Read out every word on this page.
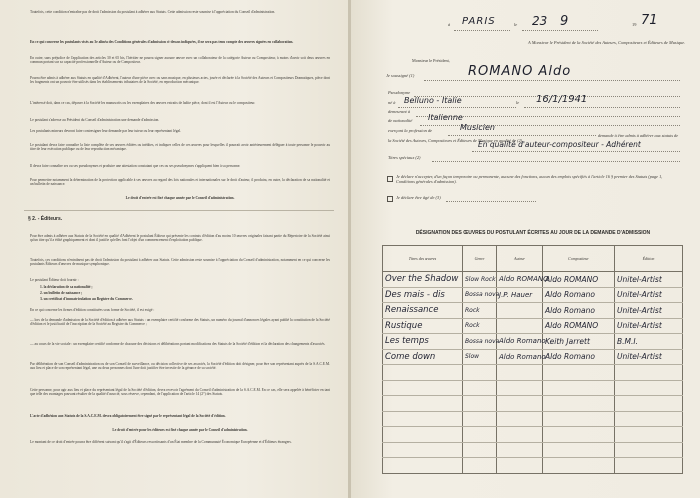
Toutefois, cette condition n'entraîne pas de droit l'admission du postulant à adhérer aux Statuts. Cette admission reste soumise à l'appréciation du Conseil d'administration.

En ce qui concerne les postulants visés au 3e alinéa des Conditions générales d'admission ci-dessus indiquées, il ne sera pas tenu compte des œuvres signées en collaboration.

En outre, sans préjudice de l'application des articles 30 et 65 bis, l'héritier ne pourra signer aucune œuvre avec un collaborateur de la catégorie Auteur ou Compositeur, à moins d'avoir soit deux œuvres en commun portant sur sa capacité professionnelle d'Auteur ou de Compositeur.

Pourra être admis à adhérer aux Statuts en qualité d'Adhérent, l'auteur d'une pièce avec ou sans musique, en plusieurs actes, jouée et déclarée à la Société des Auteurs et Compositeurs Dramatiques, pièce dont les fragments ont un pouvoir être utilisés dans les établissements tributaires de la Société, en reproduction mécanique.

L'intéressé doit, dans ce cas, déposer à la Société les manuscrits ou les exemplaires des œuvres extraits de ladite pièce, dont il est l'Auteur ou le compositeur.

Le postulant s'adresse au Président du Conseil d'administration une demande d'admission.

Les postulants mineurs devront faire contresigner leur demande par leur tuteur ou leur représentant légal.

Le postulant devra faire connaître la liste complète de ses œuvres éditées ou inédites, et indiquer celles de ces œuvres pour lesquelles il pourrait avoir antérieurement déléguer à toute personne le pouvoir au titre de leur exécution publique ou de leur reproduction mécanique.

Il devra faire connaître ses ou ses pseudonymes et produire une attestation constatant que ces ou ses pseudonymes s'appliquent bien à sa personne.

Pour permettre notamment la détermination de la protection applicable à ses œuvres au regard des lois nationales et internationales sur le droit d'auteur, il produira, en outre, la déclaration de sa nationalité et un bulletin de naissance.

Le droit d'entrée est fixé chaque année par le Conseil d'administration.

§ 2. - Éditeurs.

Pour être admis à adhérer aux Statuts de la Société en qualité d'Adhérent le postulant Éditeur qui présente les contrats d'édition d'au moins 10 œuvres originales faisant partie du Répertoire de la Société ainsi qu'un titre qu'il a édité graphiquement et dont il justifie qu'elles font l'objet d'un commencement d'exploitation publique.

Toutefois, ces conditions n'entraînent pas de droit l'admission du postulant à adhérer aux Statuts. Cette admission reste soumise à l'appréciation du Conseil d'administration, notamment en ce qui concerne les postulants Éditeurs d'œuvres de musique symphonique.

Le postulant Éditeur doit fournir :

1. la déclaration de sa nationalité ;

2. un bulletin de naissance ;

3. un certificat d'immatriculation au Registre du Commerce.

En ce qui concerne les firmes d'édition constituées sous forme de Société, il est exigé :

— lors de la demande d'admission de la Société d'édition à adhérer aux Statuts : un exemplaire certifié conforme des Statuts, un numéro du journal d'annonces légales ayant publié la constitution de la Société d'édition et le justificatif de l'inscription de la Société au Registre du Commerce ;

— au cours de la vie sociale : un exemplaire certifié conforme de chacune des décisions et délibérations portant modifications des Statuts de la Société d'édition et la déclaration des changements d'associés.

Par délibération de son Conseil d'administration ou de son Conseil de surveillance, ou décision collective de ses associés, la Société d'édition doit désigner, pour être son représentant auprès de la S.A.C.E.M. aux lieu et place de son représentant légal, une ou deux personnes dont l'une doit justifier être investie de la gérance de sa société.

Cette personne, pour agir aux lieu et place du représentant légal de la Société d'édition, devra recevoir l'agrément du Conseil d'administration de la S.A.C.E.M. En ce cas, elle sera appelée à bénéficier en tant que telle des avantages pouvant résulter de la qualité d'associé, sous réserve, cependant, de l'application de l'article 14 (2°) des Statuts.

L'acte d'adhésion aux Statuts de la S.A.C.E.M. devra obligatoirement être signé par le représentant légal de la Société d'édition.

Le droit d'entrée pour les éditeurs est fixé chaque année par le Conseil d'administration.

Le montant de ce droit d'entrée pourra être différent suivant qu'il s'agit d'Éditeurs ressortissants d'un État membre de la Communauté Économique Européenne et d'Éditeurs étrangers.

à PARIS	le 23 9	19 71

A Monsieur le Président de la Société des Auteurs, Compositeurs et Éditeurs de Musique.

Monsieur le Président,

Je soussigné (1)	ROMANO Aldo
Pseudonyme
né à Belluno - Italie	le 16/1/1941
demeurant à
de nationalité Italienne
exerçant la profession de	Musicien

demande à être admis à adhérer aux statuts de la Société des Auteurs, Compositeurs et Éditeurs de Musique en qualité de (2)

En qualité d'auteur-compositeur - Adhérent
Titres spéciaux (2)

Je déclare n'accepter, d'un façon temporaire ou permanente, aucune des fonctions, aucun des emplois spécifiés à l'article 16 § premier des Statuts (page 1, Conditions générales d'admission).

Je déclare être âgé de (3)
DÉSIGNATION DES ŒUVRES DU POSTULANT ÉCRITES AU JOUR DE LA DEMANDE D'ADMISSION
Titres des œuvres	Genre	Auteur	Compositeur	Édition
Over the Shadow	Slow Rock	Aldo ROMANO	Aldo ROMANO	Unitel-Artist
Des mais - dis	Bossa nova	J.P. Hauer	Aldo Romano	Unitel-Artist
Renaissance	Rock		Aldo Romano	Unitel-Artist
Rustique	Rock		Aldo ROMANO	Unitel-Artist
Les temps	Bossa nova	Aldo Romano	Keith Jarrett	B.M.I.
Come down	Slow	Aldo Romano	Aldo Romano	Unitel-Artist
